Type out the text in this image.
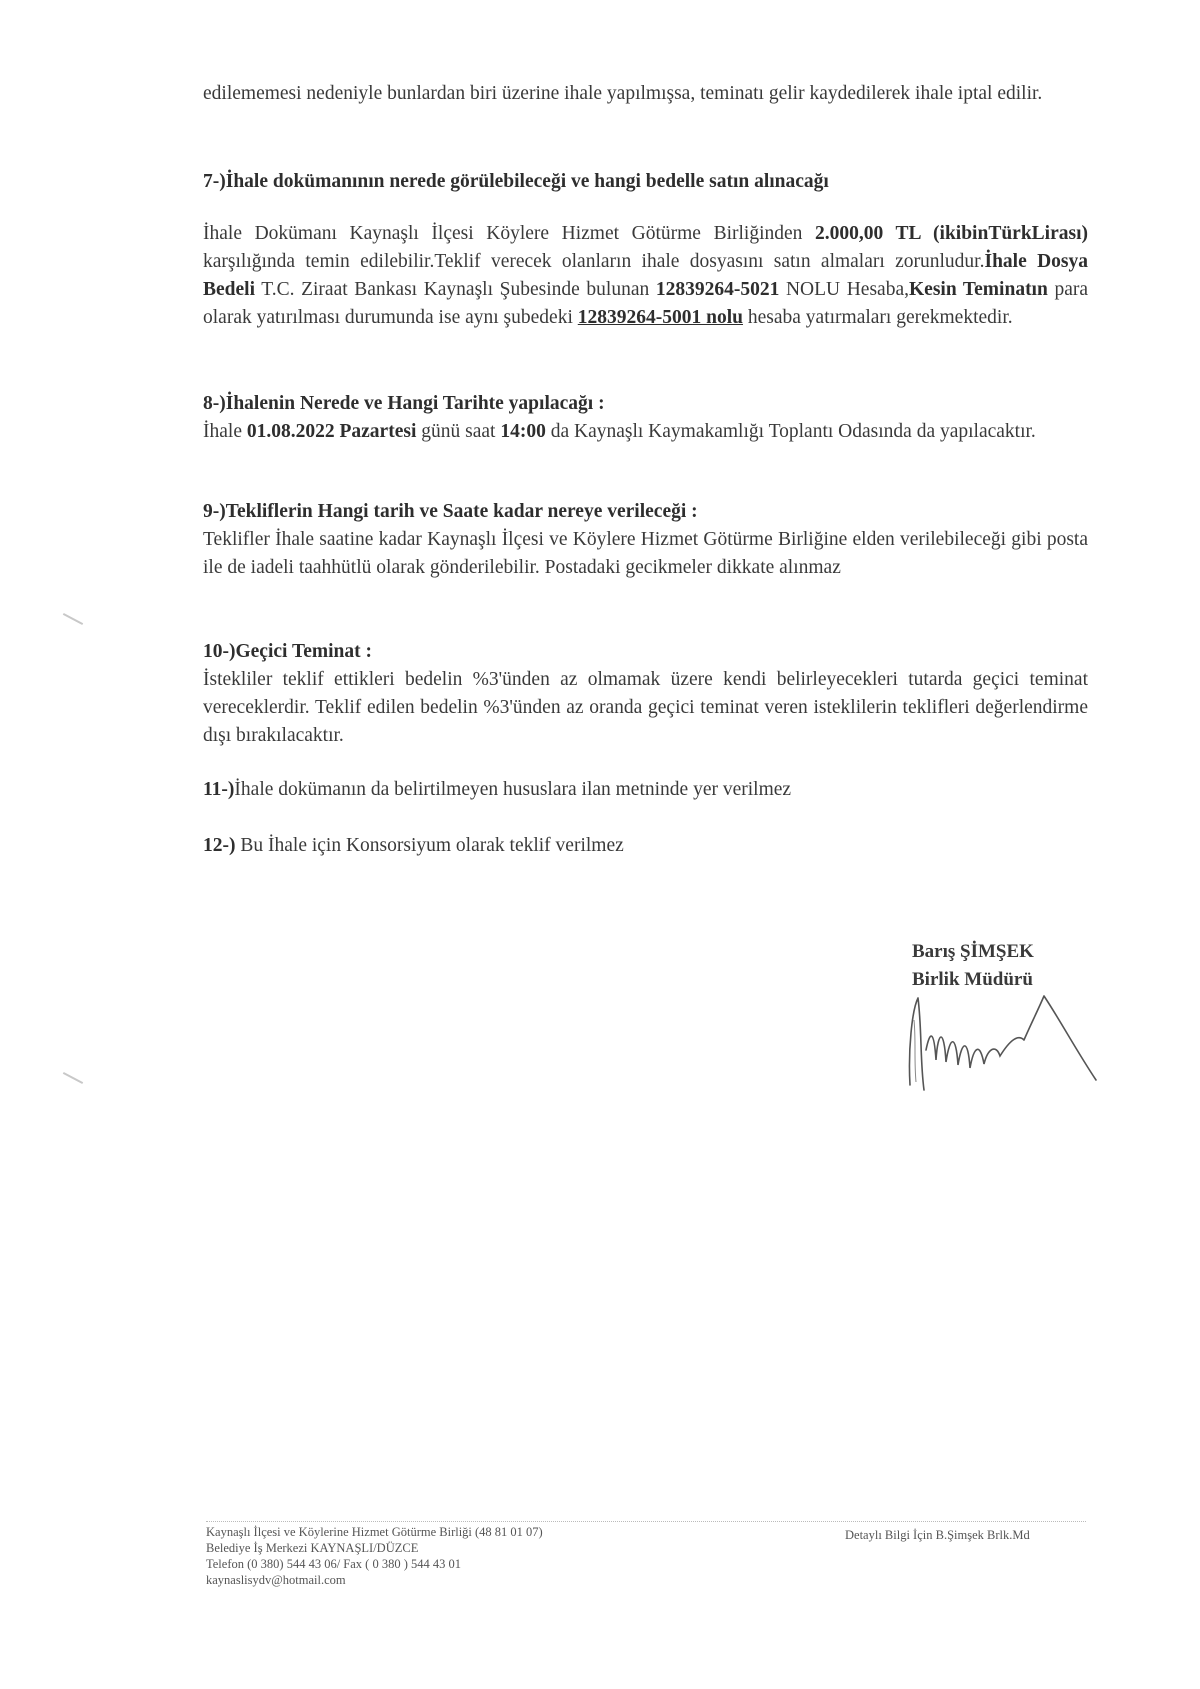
edilememesi nedeniyle bunlardan biri üzerine ihale yapılmışsa, teminatı gelir kaydedilerek ihale iptal edilir.

7-)İhale dokümanının nerede görülebileceği ve hangi bedelle satın alınacağı

İhale Dokümanı Kaynaşlı İlçesi Köylere Hizmet Götürme Birliğinden 2.000,00 TL (ikibinTürkLirası) karşılığında temin edilebilir.Teklif verecek olanların ihale dosyasını satın almaları zorunludur.İhale Dosya Bedeli T.C. Ziraat Bankası Kaynaşlı Şubesinde bulunan 12839264-5021 NOLU Hesaba,Kesin Teminatın para olarak yatırılması durumunda ise aynı şubedeki 12839264-5001 nolu hesaba yatırmaları gerekmektedir.

8-)İhalenin Nerede ve Hangi Tarihte yapılacağı :

İhale 01.08.2022 Pazartesi günü saat 14:00 da Kaynaşlı Kaymakamlığı Toplantı Odasında da yapılacaktır.

9-)Tekliflerin Hangi tarih ve Saate kadar nereye verileceği :

Teklifler İhale saatine kadar Kaynaşlı İlçesi ve Köylere Hizmet Götürme Birliğine elden verilebileceği gibi posta ile de iadeli taahhütlü olarak gönderilebilir. Postadaki gecikmeler dikkate alınmaz

10-)Geçici Teminat :

İstekliler teklif ettikleri bedelin %3'ünden az olmamak üzere kendi belirleyecekleri tutarda geçici teminat vereceklerdir. Teklif edilen bedelin %3'ünden az oranda geçici teminat veren isteklilerin teklifleri değerlendirme dışı bırakılacaktır.

11-)İhale dokümanın da belirtilmeyen hususlara ilan metninde yer verilmez

12-) Bu İhale için Konsorsiyum olarak teklif verilmez

Barış ŞİMŞEK
Birlik Müdürü
Kaynaşlı İlçesi ve Köylerine Hizmet Götürme Birliği (48 81 01 07)
Belediye İş Merkezi KAYNAŞLI/DÜZCE
Telefon (0 380) 544 43 06/ Fax ( 0 380 ) 544 43 01
kaynaslisydv@hotmail.com
Detaylı Bilgi İçin B.Şimşek Brlk.Md
